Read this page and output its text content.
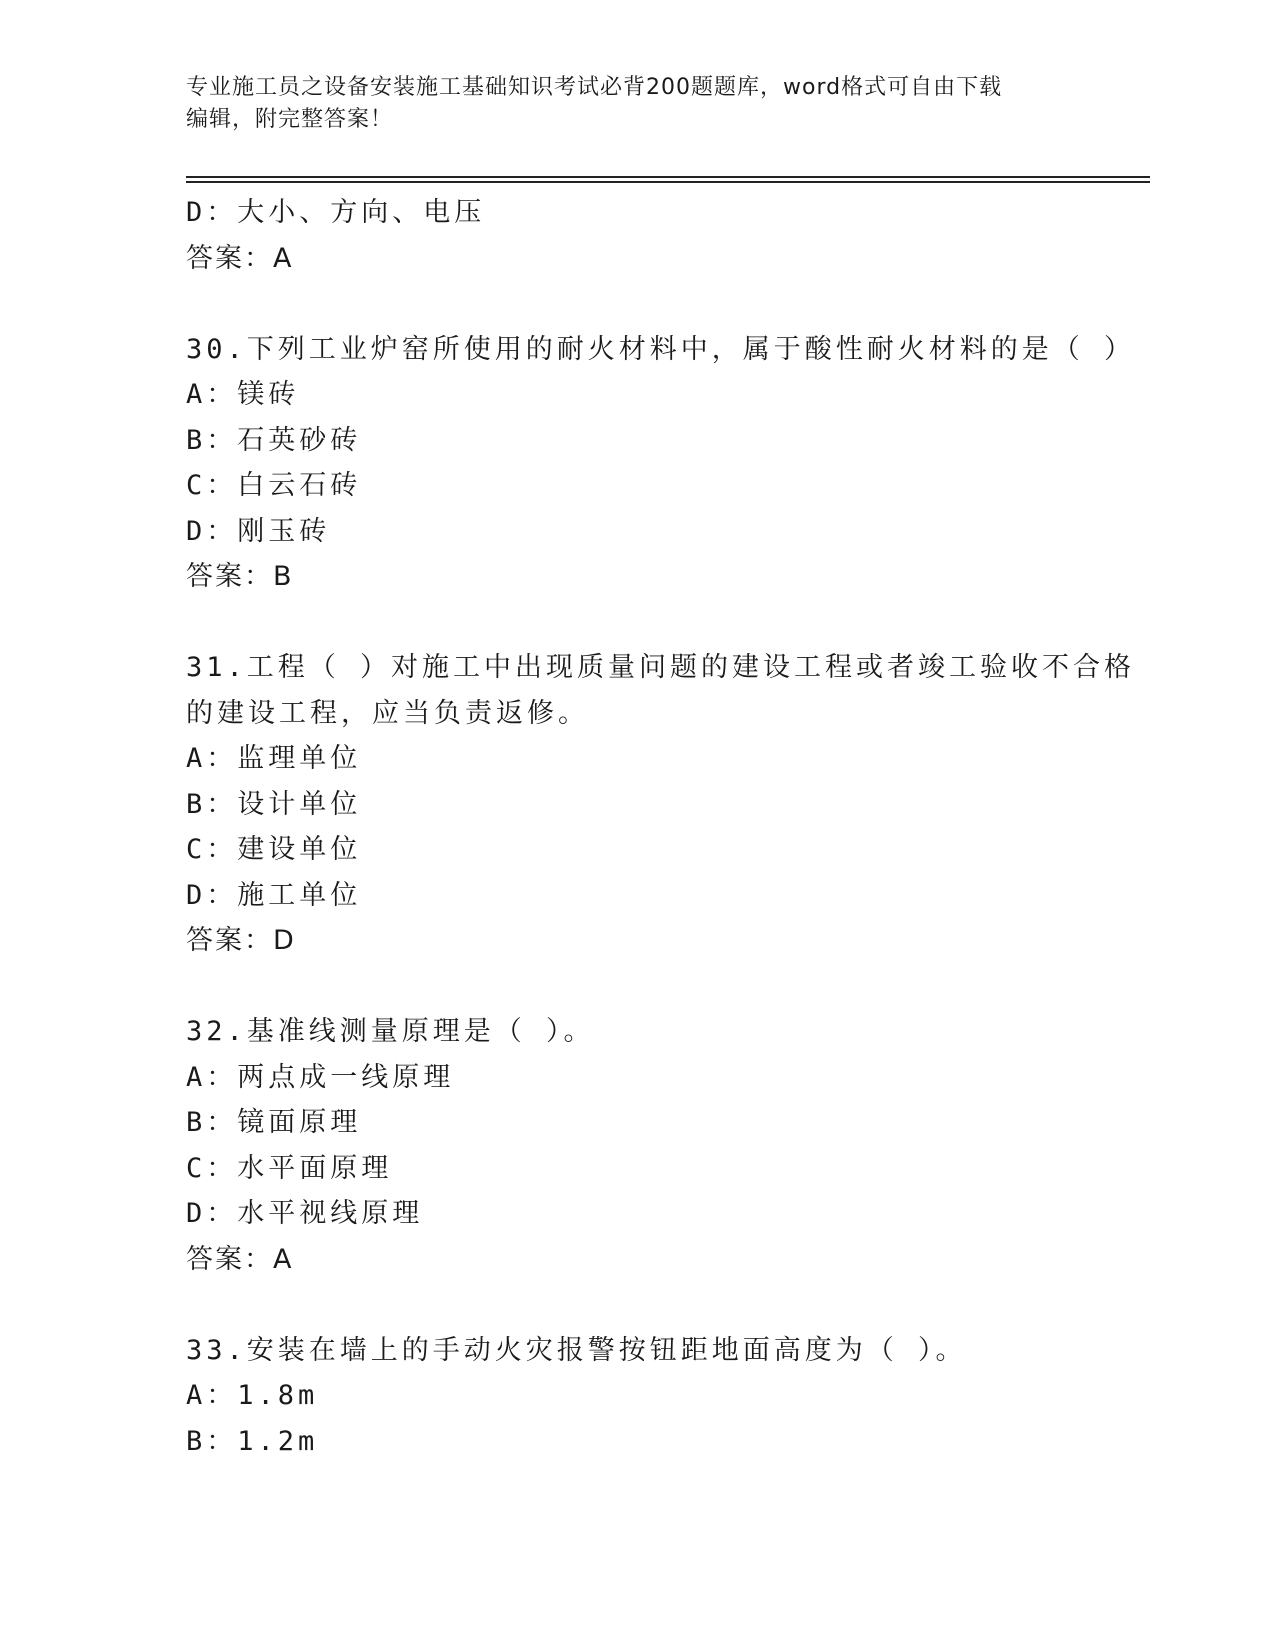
专业施工员之设备安装施工基础知识考试必背200题题库，word格式可自由下载
编辑，附完整答案！
D：大小、方向、电压
答案：A
30.下列工业炉窑所使用的耐火材料中，属于酸性耐火材料的是（ ）
A：镁砖
B：石英砂砖
C：白云石砖
D：刚玉砖
答案：B
31.工程（ ）对施工中出现质量问题的建设工程或者竣工验收不合格
的建设工程，应当负责返修。
A：监理单位
B：设计单位
C：建设单位
D：施工单位
答案：D
32.基准线测量原理是（ ）。
A：两点成一线原理
B：镜面原理
C：水平面原理
D：水平视线原理
答案：A
33.安装在墙上的手动火灾报警按钮距地面高度为（ ）。
A：1.8m
B：1.2m
